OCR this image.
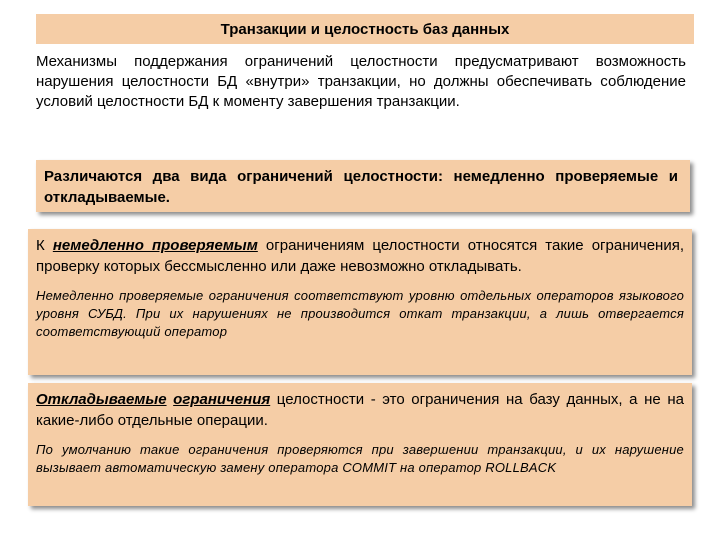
Транзакции и целостность баз данных
Механизмы поддержания ограничений целостности предусматривают возможность нарушения целостности БД «внутри» транзакции, но должны обеспечивать соблюдение условий целостности БД к моменту завершения транзакции.
Различаются два вида ограничений целостности: немедленно проверяемые и откладываемые.
К немедленно проверяемым ограничениям целостности относятся такие ограничения, проверку которых бессмысленно или даже невозможно откладывать.
Немедленно проверяемые ограничения соответствуют уровню отдельных операторов языкового уровня СУБД. При их нарушениях не производится откат транзакции, а лишь отвергается соответствующий оператор
Откладываемые ограничения целостности - это ограничения на базу данных, а не на какие-либо отдельные операции.
По умолчанию такие ограничения проверяются при завершении транзакции, и их нарушение вызывает автоматическую замену оператора COMMIT на оператор ROLLBACK
